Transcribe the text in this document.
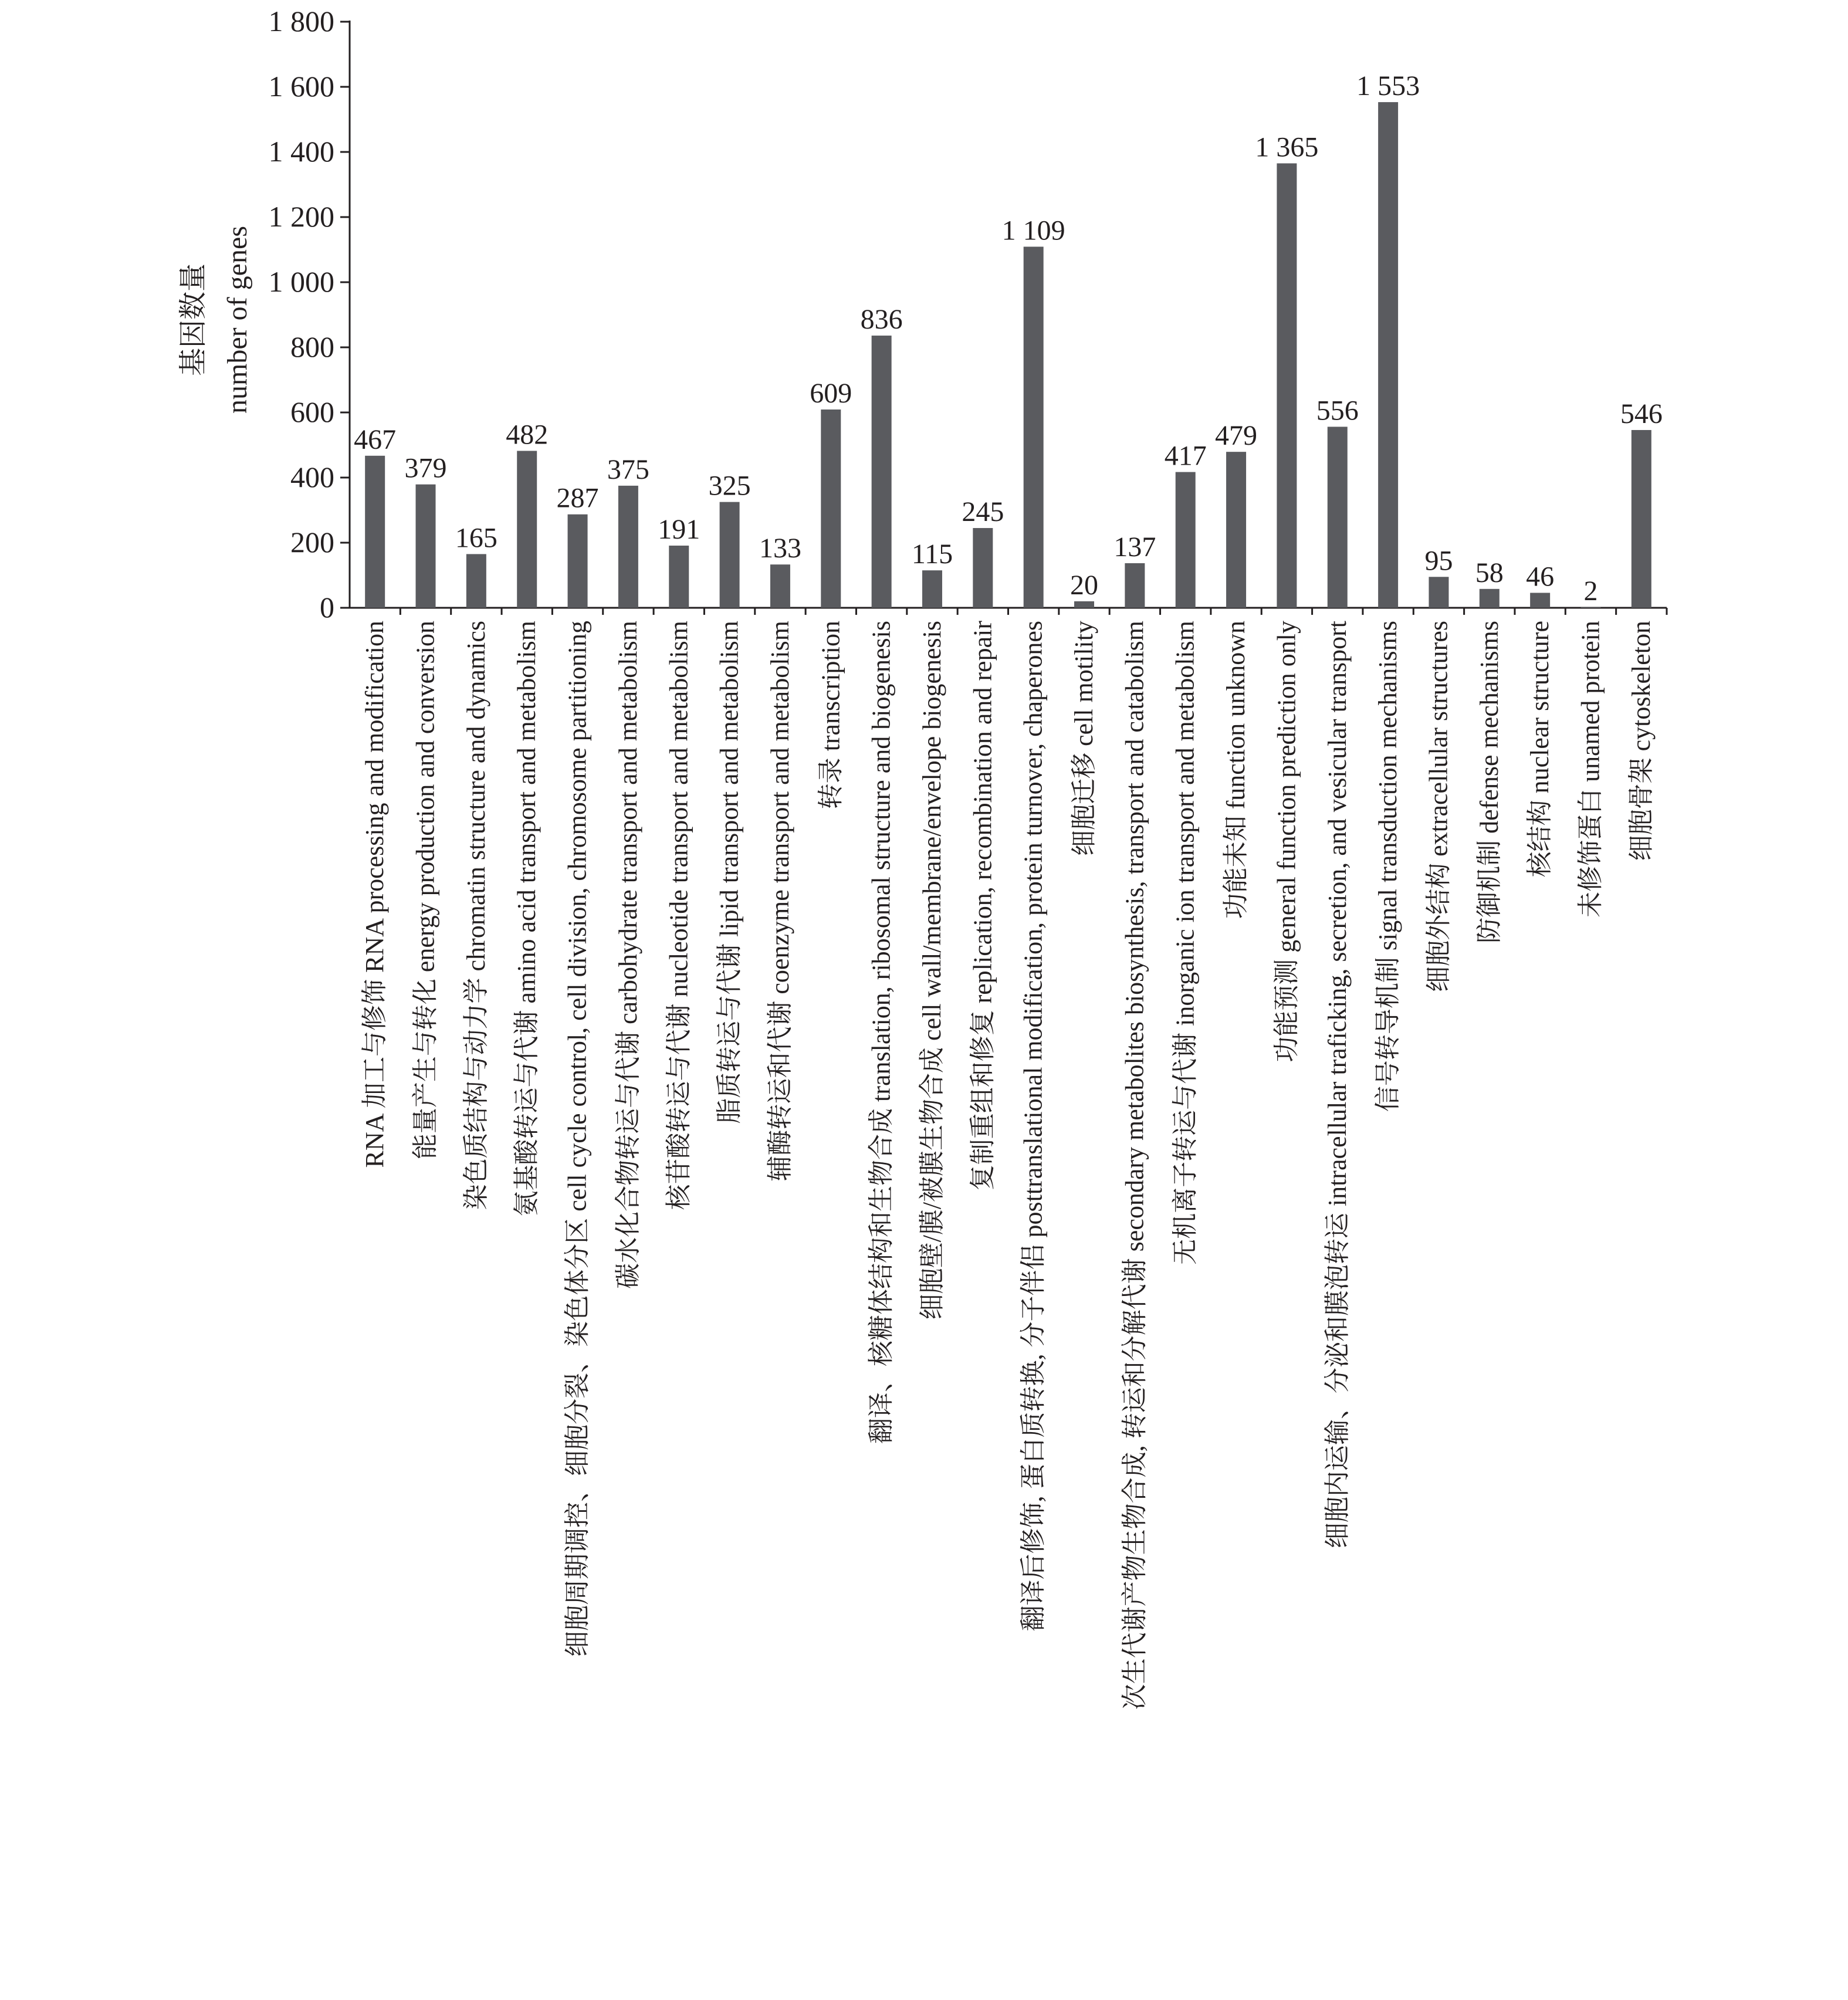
基因数量 number of genes
0
200
400
600
800
1 000
1 200
1 400
1 600
1 800
467
379
165
482
287
375
191
325
133
609
836
115
245
1 109
20
137
417
479
1 365
556
1 553
95 58 46 2
546
RNA 加工与修饰 RNA processing and modification 能量产生与转化 energy production and conversion 染色质结构与动力学 chromatin structure and dynamics 氨基酸转运与代谢 amino acid transport and metabolism 细胞周期调控、细胞分裂、染色体分区 cell cycle control, cell division, chromosome partitioning 碳水化合物转运与代谢 carbohydrate transport and metabolism 核苷酸转运与代谢 nucleotide transport and metabolism 脂质转运与代谢 lipid transport and metabolism 辅酶转运和代谢 coenzyme transport and metabolism 转录 transcription 翻译、核糖体结构和生物合成 translation, ribosomal structure and biogenesis 细胞壁/膜/被膜生物合成 cell wall/membrane/envelope biogenesis 复制重组和修复 replication, recombination and repair 翻译后修饰, 蛋白质转换, 分子伴侣 posttranslational modification, protein turnover, chaperones 细胞迁移 cell motility 次生代谢产物生物合成, 转运和分解代谢 secondary metabolites biosynthesis, transport and catabolism 无机离子转运与代谢 inorganic ion transport and metabolism 功能未知 function unknown 功能预测 general function prediction only 细胞内运输、分泌和膜泡转运 intracellular traficking, secretion, and vesicular transport 信号转导机制 signal transduction mechanisms 细胞外结构 extracellular structures 防御机制 defense mechanisms 核结构 nuclear structure 未修饰蛋白 unamed protein 细胞骨架 cytoskeleton
